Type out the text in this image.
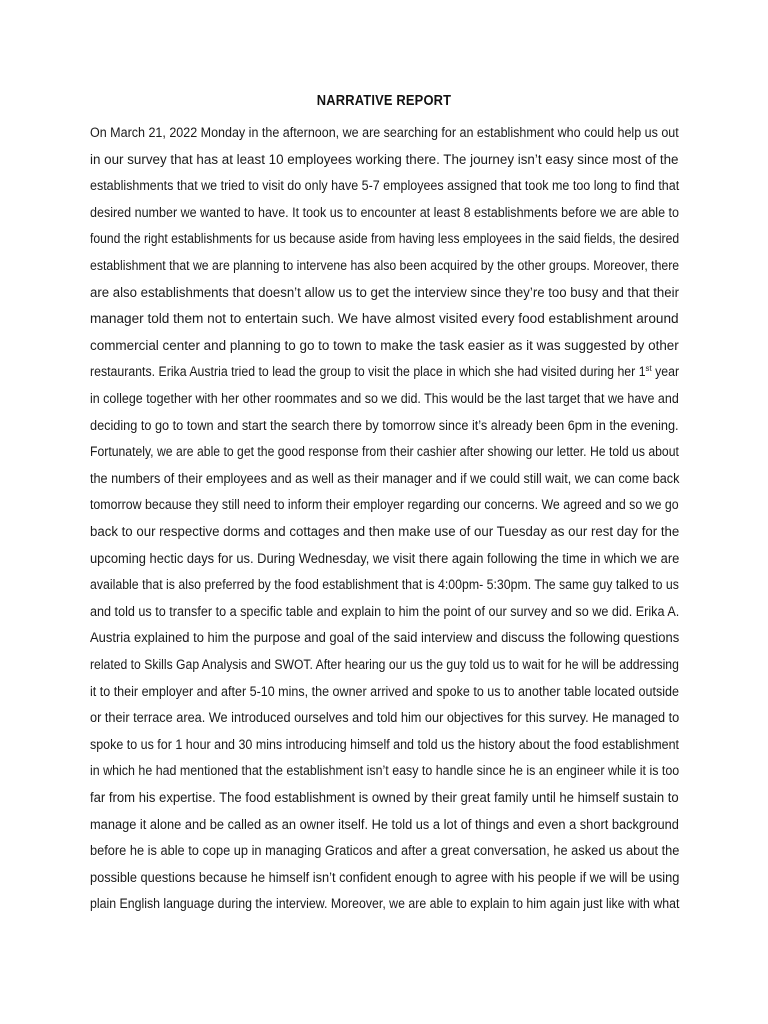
NARRATIVE REPORT
On March 21, 2022 Monday in the afternoon, we are searching for an establishment who could help us out
in our survey that has at least 10 employees working there. The journey isn’t easy since most of the
establishments that we tried to visit do only have 5-7 employees assigned that took me too long to find that
desired number we wanted to have. It took us to encounter at least 8 establishments before we are able to
found the right establishments for us because aside from having less employees in the said fields, the desired
establishment that we are planning to intervene has also been acquired by the other groups. Moreover, there
are also establishments that doesn’t allow us to get the interview since they’re too busy and that their
manager told them not to entertain such. We have almost visited every food establishment around
commercial center and planning to go to town to make the task easier as it was suggested by other
restaurants. Erika Austria tried to lead the group to visit the place in which she had visited during her 1st year
in college together with her other roommates and so we did. This would be the last target that we have and
deciding to go to town and start the search there by tomorrow since it’s already been 6pm in the evening.
Fortunately, we are able to get the good response from their cashier after showing our letter. He told us about
the numbers of their employees and as well as their manager and if we could still wait, we can come back
tomorrow because they still need to inform their employer regarding our concerns. We agreed and so we go
back to our respective dorms and cottages and then make use of our Tuesday as our rest day for the
upcoming hectic days for us. During Wednesday, we visit there again following the time in which we are
available that is also preferred by the food establishment that is 4:00pm- 5:30pm. The same guy talked to us
and told us to transfer to a specific table and explain to him the point of our survey and so we did. Erika A.
Austria explained to him the purpose and goal of the said interview and discuss the following questions
related to Skills Gap Analysis and SWOT. After hearing our us the guy told us to wait for he will be addressing
it to their employer and after 5-10 mins, the owner arrived and spoke to us to another table located outside
or their terrace area. We introduced ourselves and told him our objectives for this survey. He managed to
spoke to us for 1 hour and 30 mins introducing himself and told us the history about the food establishment
in which he had mentioned that the establishment isn’t easy to handle since he is an engineer while it is too
far from his expertise. The food establishment is owned by their great family until he himself sustain to
manage it alone and be called as an owner itself. He told us a lot of things and even a short background
before he is able to cope up in managing Graticos and after a great conversation, he asked us about the
possible questions because he himself isn’t confident enough to agree with his people if we will be using
plain English language during the interview. Moreover, we are able to explain to him again just like with what
